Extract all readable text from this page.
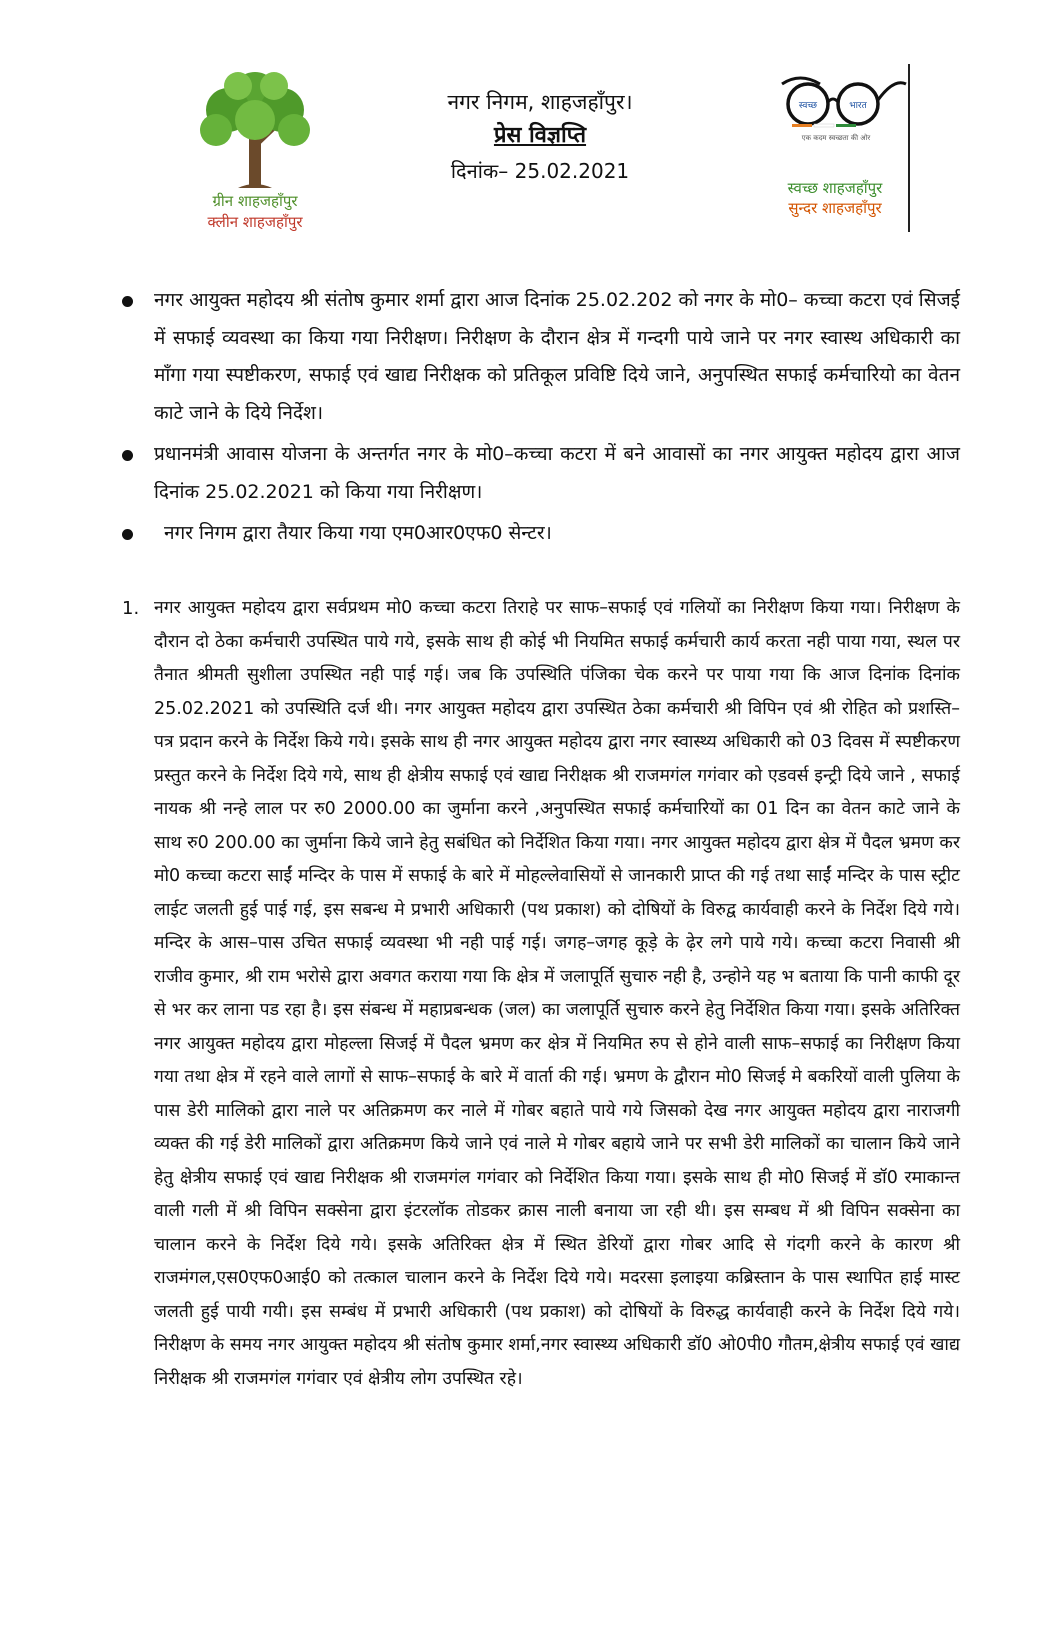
ग्रीन शाहजहाँपुर
क्लीन शाहजहाँपुर
नगर निगम, शाहजहाँपुर।
प्रेस विज्ञप्ति
दिनांक– 25.02.2021
स्वच्छ	भारत
एक कदम स्वच्छता की ओर
स्वच्छ शाहजहाँपुर
सुन्दर शाहजहाँपुर
नगर आयुक्त महोदय श्री संतोष कुमार शर्मा द्वारा आज दिनांक 25.02.202 को नगर के मो0– कच्चा कटरा एवं सिजई में सफाई व्यवस्था का किया गया निरीक्षण। निरीक्षण के दौरान क्षेत्र में गन्दगी पाये जाने पर नगर स्वास्थ अधिकारी का माँगा गया स्पष्टीकरण, सफाई एवं खाद्य निरीक्षक को प्रतिकूल प्रविष्टि दिये जाने, अनुपस्थित सफाई कर्मचारियो का वेतन काटे जाने के दिये निर्देश।
प्रधानमंत्री आवास योजना के अन्तर्गत नगर के मो0–कच्चा कटरा में बने आवासों का नगर आयुक्त महोदय द्वारा आज दिनांक 25.02.2021 को किया गया निरीक्षण।
नगर निगम द्वारा तैयार किया गया एम0आर0एफ0 सेन्टर।
1. नगर आयुक्त महोदय द्वारा सर्वप्रथम मो0 कच्चा कटरा तिराहे पर साफ–सफाई एवं गलियों का निरीक्षण किया गया। निरीक्षण के दौरान दो ठेका कर्मचारी उपस्थित पाये गये, इसके साथ ही कोई भी नियमित सफाई कर्मचारी कार्य करता नही पाया गया, स्थल पर तैनात श्रीमती सुशीला उपस्थित नही पाई गई। जब कि उपस्थिति पंजिका चेक करने पर पाया गया कि आज दिनांक दिनांक 25.02.2021 को उपस्थिति दर्ज थी। नगर आयुक्त महोदय द्वारा उपस्थित ठेका कर्मचारी श्री विपिन एवं श्री रोहित को प्रशस्ति–पत्र प्रदान करने के निर्देश किये गये। इसके साथ ही नगर आयुक्त महोदय द्वारा नगर स्वास्थ्य अधिकारी को 03 दिवस में स्पष्टीकरण प्रस्तुत करने के निर्देश दिये गये, साथ ही क्षेत्रीय सफाई एवं खाद्य निरीक्षक श्री राजमगंल गगंवार को एडवर्स इन्ट्री दिये जाने , सफाई नायक श्री नन्हे लाल पर रु0 2000.00 का जुर्माना करने ,अनुपस्थित सफाई कर्मचारियों का 01 दिन का वेतन काटे जाने के साथ रु0 200.00 का जुर्माना किये जाने हेतु सबंधित को निर्देशित किया गया। नगर आयुक्त महोदय द्वारा क्षेत्र में पैदल भ्रमण कर मो0 कच्चा कटरा साईं मन्दिर के पास में सफाई के बारे में मोहल्लेवासियों से जानकारी प्राप्त की गई तथा साईं मन्दिर के पास स्ट्रीट लाईट जलती हुई पाई गई, इस सबन्ध मे प्रभारी अधिकारी (पथ प्रकाश) को दोषियों के विरुद्व कार्यवाही करने के निर्देश दिये गये। मन्दिर के आस–पास उचित सफाई व्यवस्था भी नही पाई गई। जगह–जगह कूड़े के ढ़ेर लगे पाये गये। कच्चा कटरा निवासी श्री राजीव कुमार, श्री राम भरोसे द्वारा अवगत कराया गया कि क्षेत्र में जलापूर्ति सुचारु नही है, उन्होने यह भ बताया कि पानी काफी दूर से भर कर लाना पड रहा है। इस संबन्ध में महाप्रबन्धक (जल) का जलापूर्ति सुचारु करने हेतु निर्देशित किया गया। इसके अतिरिक्त नगर आयुक्त महोदय द्वारा मोहल्ला सिजई में पैदल भ्रमण कर क्षेत्र में नियमित रुप से होने वाली साफ–सफाई का निरीक्षण किया गया तथा क्षेत्र में रहने वाले लागों से साफ–सफाई के बारे में वार्ता की गई। भ्रमण के द्वौरान मो0 सिजई मे बकरियों वाली पुलिया के पास डेरी मालिको द्वारा नाले पर अतिक्रमण कर नाले में गोबर बहाते पाये गये जिसको देख नगर आयुक्त महोदय द्वारा नाराजगी व्यक्त की गई डेरी मालिकों द्वारा अतिक्रमण किये जाने एवं नाले मे गोबर बहाये जाने पर सभी डेरी मालिकों का चालान किये जाने हेतु क्षेत्रीय सफाई एवं खाद्य निरीक्षक श्री राजमगंल गगंवार को निर्देशित किया गया। इसके साथ ही मो0 सिजई में डॉ0 रमाकान्त वाली गली में श्री विपिन सक्सेना द्वारा इंटरलॉक तोडकर क्रास नाली बनाया जा रही थी। इस सम्बध में श्री विपिन सक्सेना का चालान करने के निर्देश दिये गये। इसके अतिरिक्त क्षेत्र में स्थित डेरियों द्वारा गोबर आदि से गंदगी करने के कारण श्री राजमंगल,एस0एफ0आई0 को तत्काल चालान करने के निर्देश दिये गये। मदरसा इलाइया कब्रिस्तान के पास स्थापित हाई मास्ट जलती हुई पायी गयी। इस सम्बंध में प्रभारी अधिकारी (पथ प्रकाश) को दोषियों के विरुद्ध कार्यवाही करने के निर्देश दिये गये। निरीक्षण के समय नगर आयुक्त महोदय श्री संतोष कुमार शर्मा,नगर स्वास्थ्य अधिकारी डॉ0 ओ0पी0 गौतम,क्षेत्रीय सफाई एवं खाद्य निरीक्षक श्री राजमगंल गगंवार एवं क्षेत्रीय लोग उपस्थित रहे।
